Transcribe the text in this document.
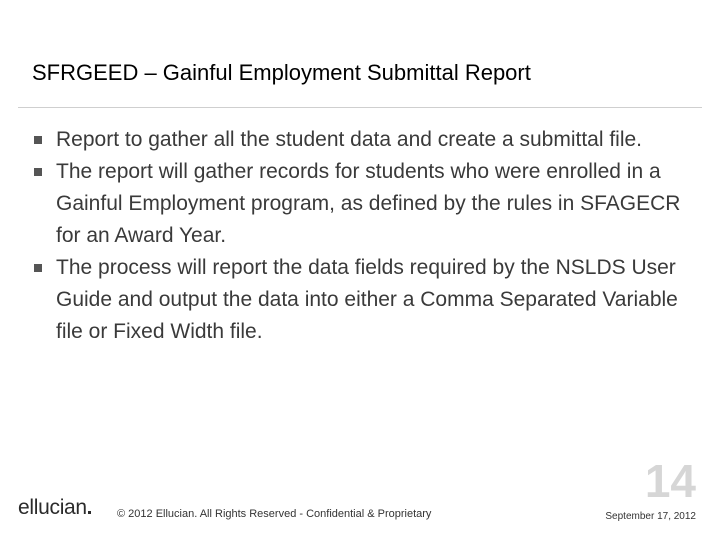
SFRGEED – Gainful Employment Submittal Report
Report to gather all the student data and create a submittal file.
The report will gather records for students who were enrolled in a Gainful Employment program, as defined by the rules in SFAGECR for an Award Year.
The process will report the data fields required by the NSLDS User Guide and output the data into either a Comma Separated Variable file or Fixed Width file.
ellucian	© 2012 Ellucian. All Rights Reserved - Confidential & Proprietary
14
September 17, 2012
